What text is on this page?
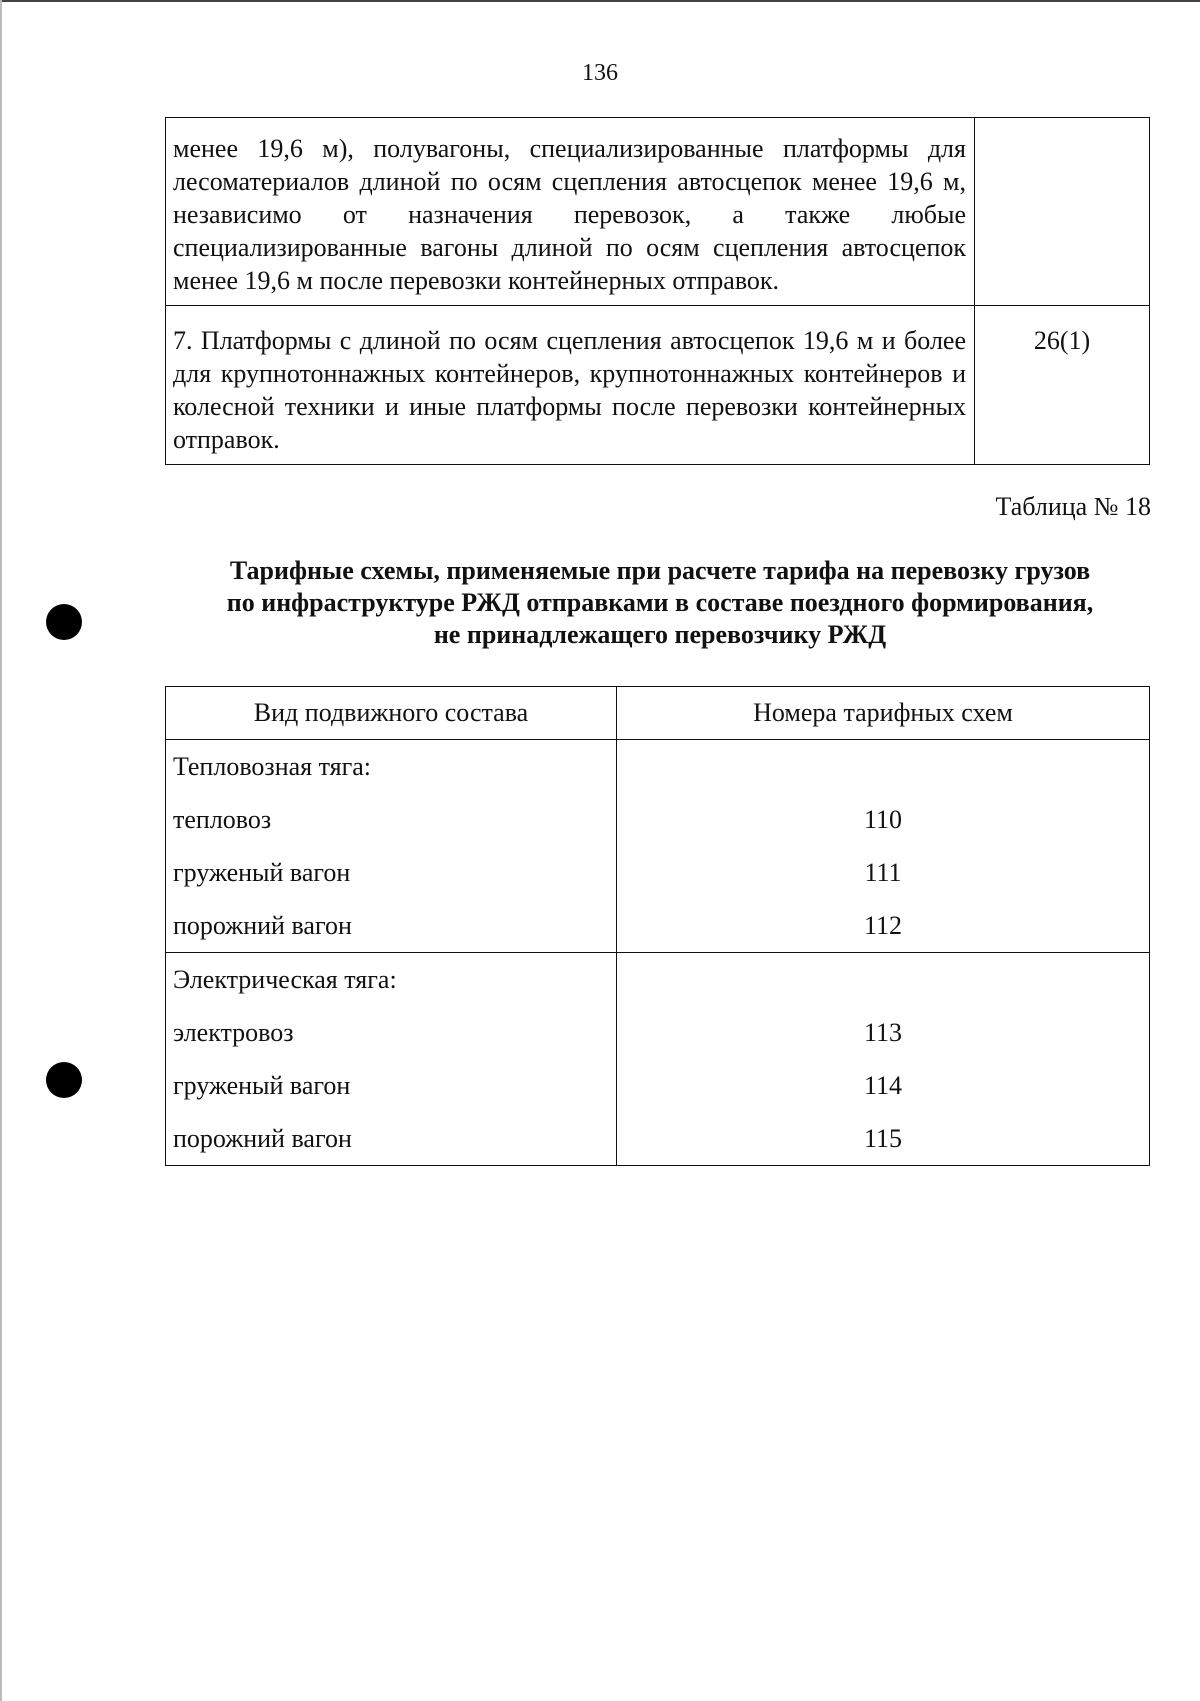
136
менее 19,6 м), полувагоны, специализированные платформы для лесоматериалов длиной по осям сцепления автосцепок менее 19,6 м, независимо от назначения перевозок, а также любые специализированные вагоны длиной по осям сцепления автосцепок менее 19,6 м после перевозки контейнерных отправок.	
7. Платформы с длиной по осям сцепления автосцепок 19,6 м и более для крупнотоннажных контейнеров, крупнотоннажных контейнеров и колесной техники и иные платформы после перевозки контейнерных отправок.	26(1)
Таблица № 18
Тарифные схемы, применяемые при расчете тарифа на перевозку грузов
по инфраструктуре РЖД отправками в составе поездного формирования,
не принадлежащего перевозчику РЖД
Вид подвижного состава	Номера тарифных схем
Тепловозная тяга:	
тепловоз	110
груженый вагон	111
порожний вагон	112
Электрическая тяга:	
электровоз	113
груженый вагон	114
порожний вагон	115
